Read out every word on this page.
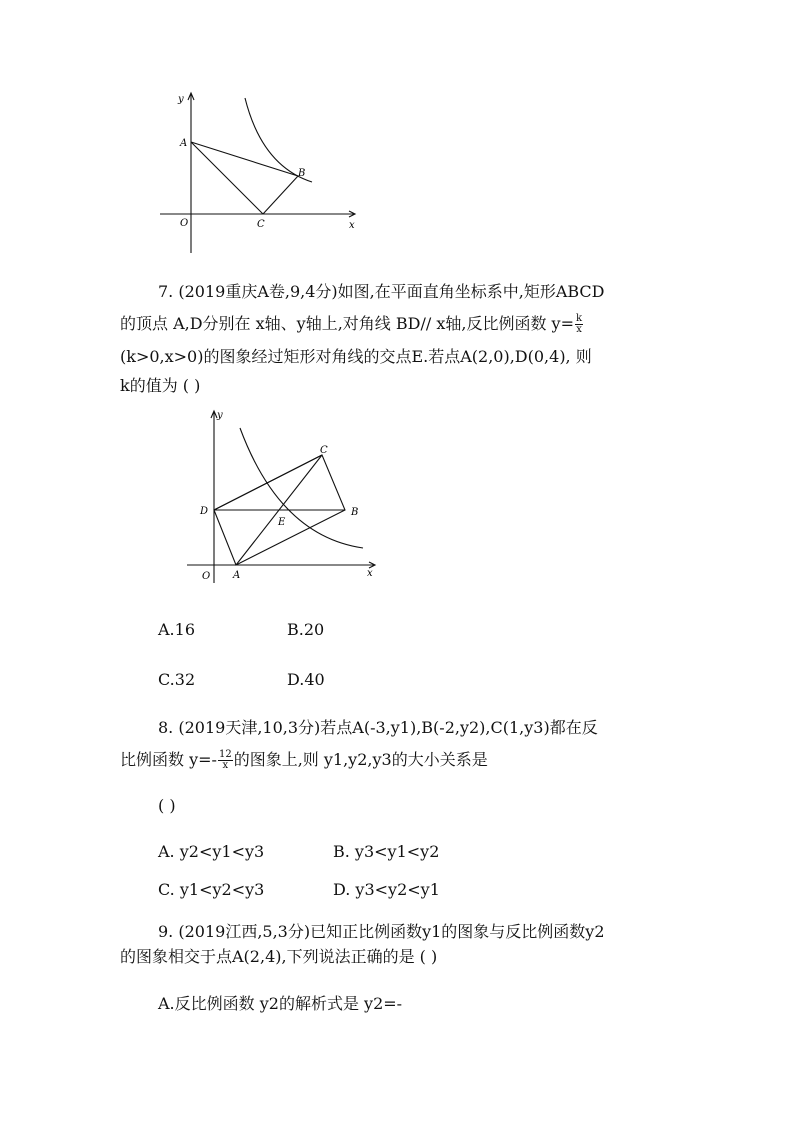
y
x
O
A
B
C
7. (2019重庆A卷,9,4分)如图,在平面直角坐标系中,矩形ABCD
的顶点 A,D分别在 x轴、y轴上,对角线 BD// x轴,反比例函数 $y= \frac{k}{x}$
(k>0,x>0)的图象经过矩形对角线的交点E.若点A(2,0),D(0,4), 则
k的值为 ( )
y
x
O A
B
C
D
E
A.16	B.20
C.32	D.40
8. (2019天津,10,3分)若点A(-3,y1),B(-2,y2),C(1,y3)都在反
比例函数 $y=- \frac{12}{x}$ 的图象上,则 y1,y2,y3的大小关系是
( )
A. y2<y1<y3	B. y3<y1<y2
C. y1<y2<y3	D. y3<y2<y1
9. (2019江西,5,3分)已知正比例函数y1的图象与反比例函数y2
的图象相交于点A(2,4),下列说法正确的是 ( )
A.反比例函数 y2的解析式是 y2=-
